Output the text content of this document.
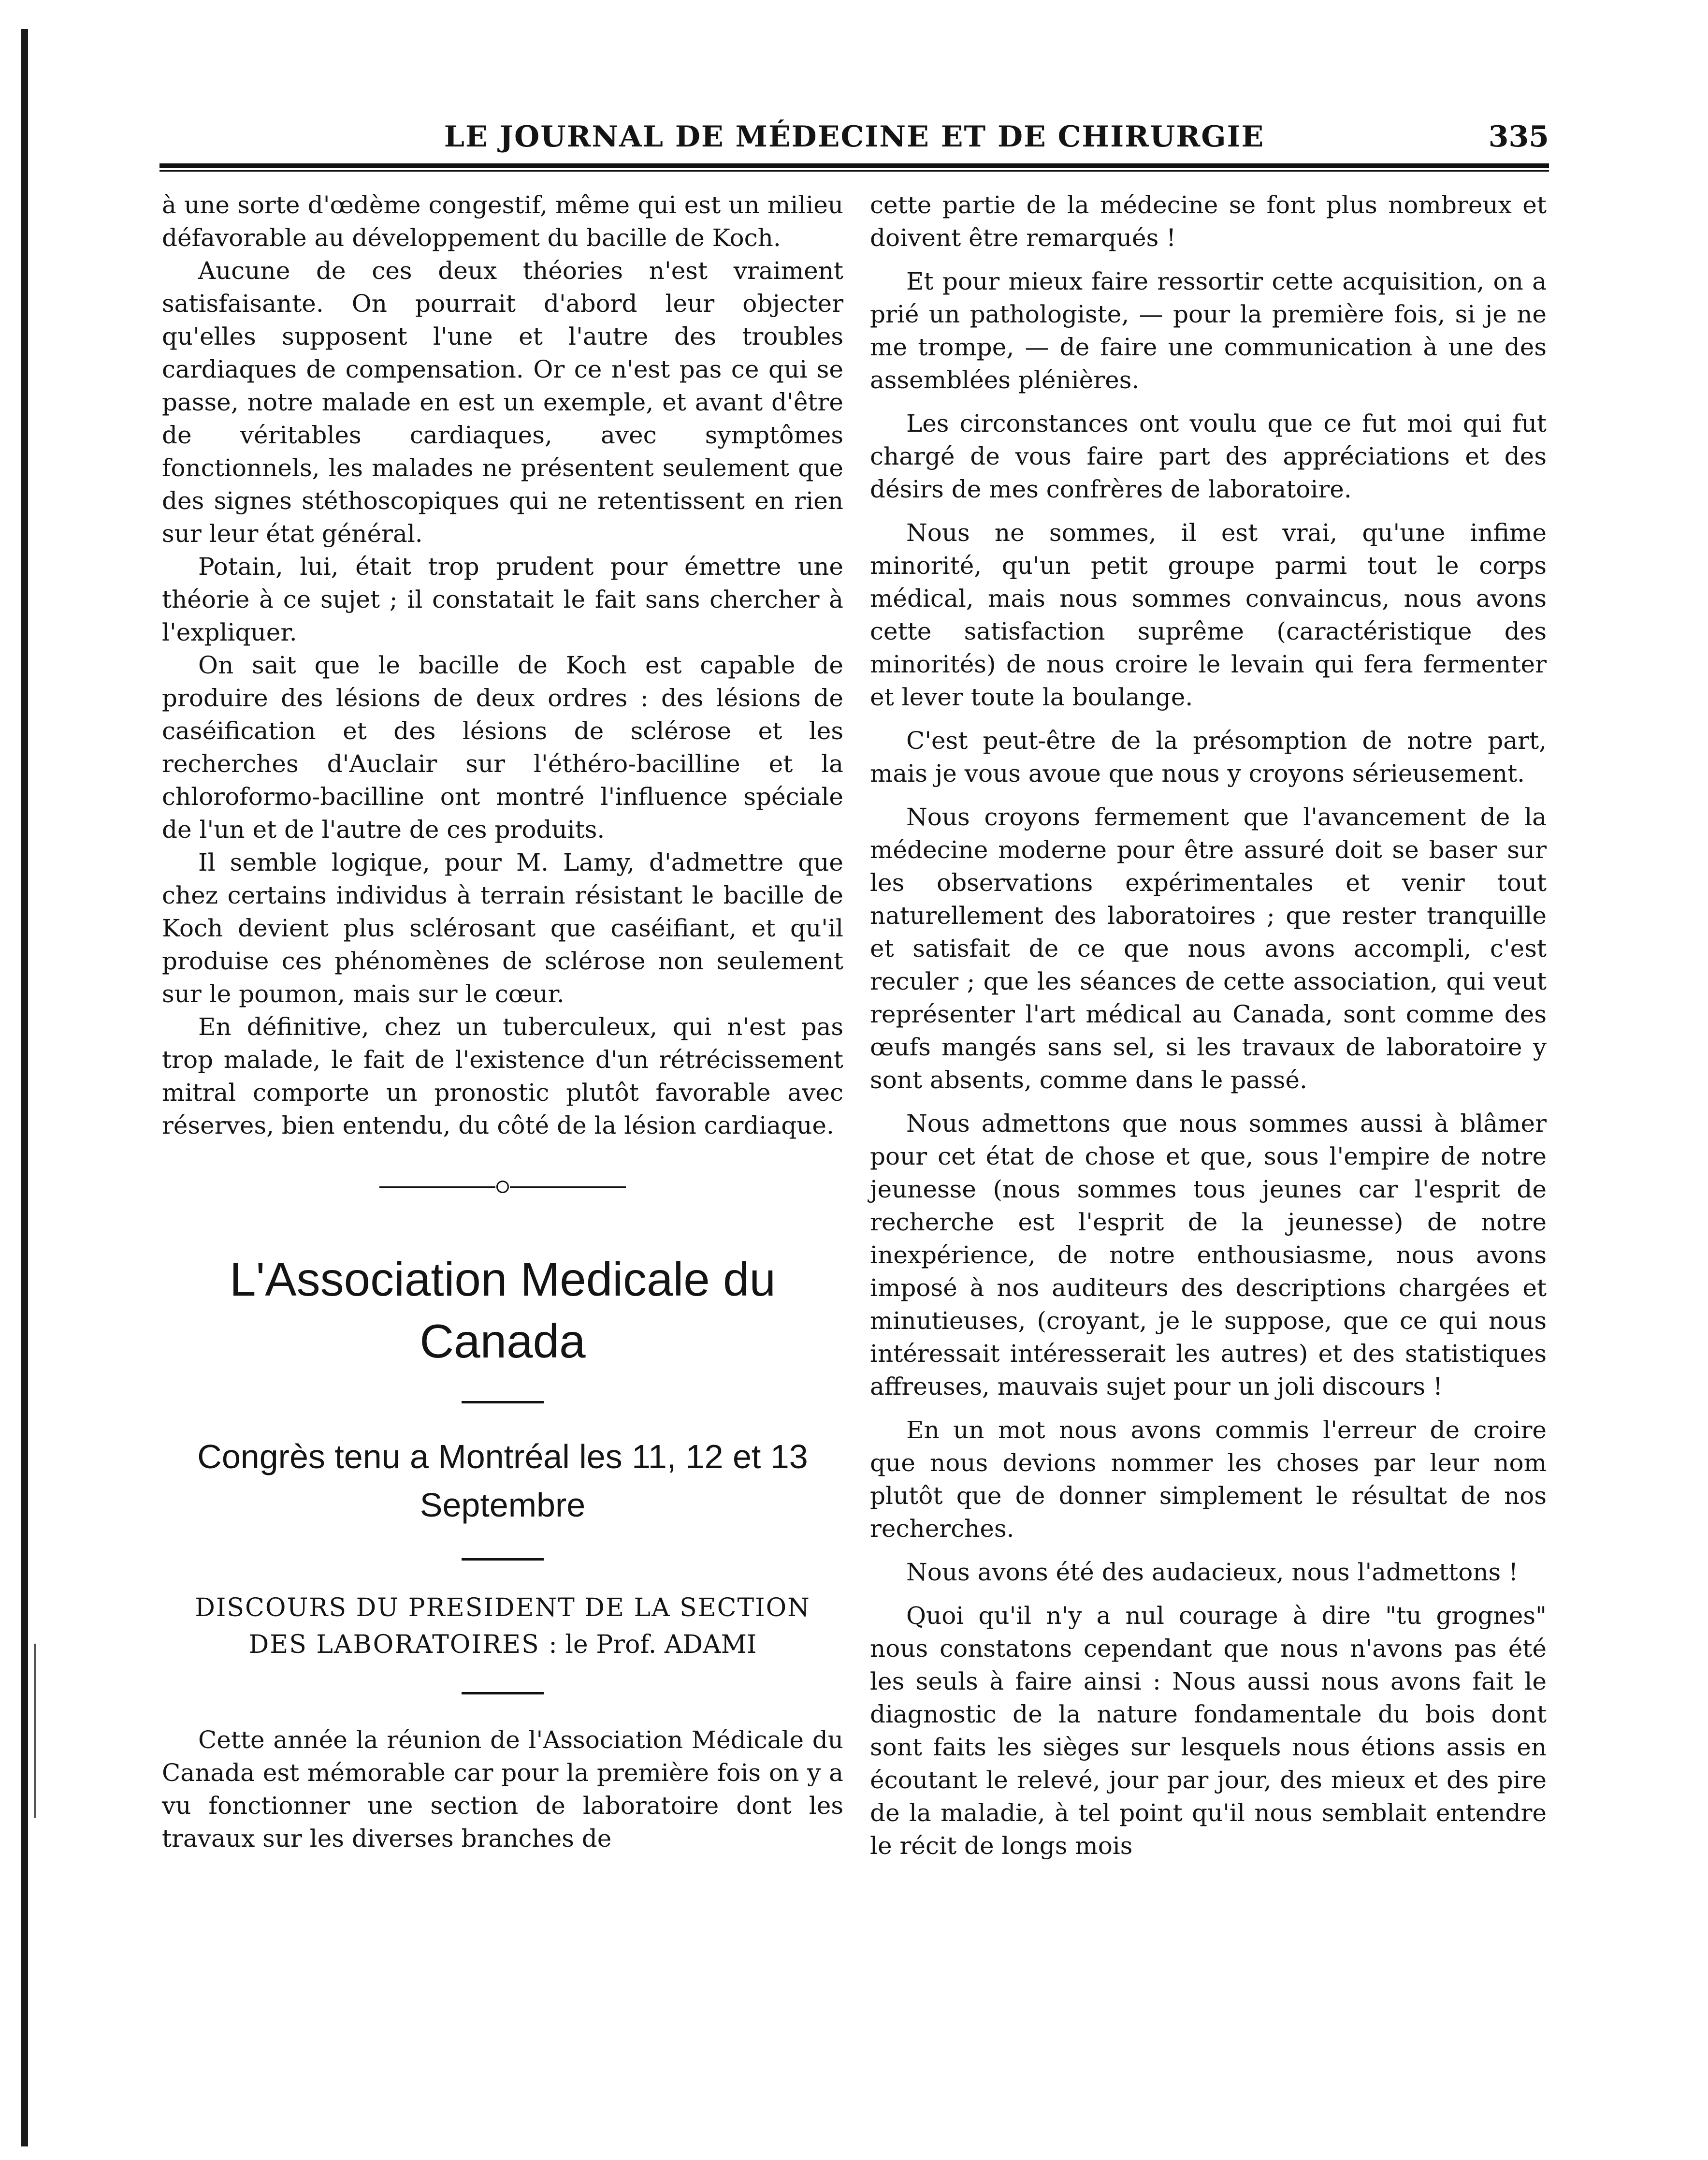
LE JOURNAL DE MÉDECINE ET DE CHIRURGIE	335

à une sorte d'œdème congestif, même qui est un milieu défavorable au développement du bacille de Koch.

Aucune de ces deux théories n'est vraiment satisfaisante. On pourrait d'abord leur objecter qu'elles supposent l'une et l'autre des troubles cardiaques de compensation. Or ce n'est pas ce qui se passe, notre malade en est un exemple, et avant d'être de véritables cardiaques, avec symptômes fonctionnels, les malades ne présentent seulement que des signes stéthoscopiques qui ne retentissent en rien sur leur état général.

Potain, lui, était trop prudent pour émettre une théorie à ce sujet ; il constatait le fait sans chercher à l'expliquer.

On sait que le bacille de Koch est capable de produire des lésions de deux ordres : des lésions de caséification et des lésions de sclérose et les recherches d'Auclair sur l'éthéro-bacilline et la chloroformo-bacilline ont montré l'influence spéciale de l'un et de l'autre de ces produits.

Il semble logique, pour M. Lamy, d'admettre que chez certains individus à terrain résistant le bacille de Koch devient plus sclérosant que caséifiant, et qu'il produise ces phénomènes de sclérose non seulement sur le poumon, mais sur le cœur.

En définitive, chez un tuberculeux, qui n'est pas trop malade, le fait de l'existence d'un rétrécissement mitral comporte un pronostic plutôt favorable avec réserves, bien entendu, du côté de la lésion cardiaque.

L'Association Medicale du Canada
Congrès tenu a Montréal les 11, 12 et 13 Septembre
DISCOURS DU PRESIDENT DE LA SECTION DES LABORATOIRES : le Prof. ADAMI

Cette année la réunion de l'Association Médicale du Canada est mémorable car pour la première fois on y a vu fonctionner une section de laboratoire dont les travaux sur les diverses branches de

cette partie de la médecine se font plus nombreux et doivent être remarqués !

Et pour mieux faire ressortir cette acquisition, on a prié un pathologiste, — pour la première fois, si je ne me trompe, — de faire une communication à une des assemblées plénières.

Les circonstances ont voulu que ce fut moi qui fut chargé de vous faire part des appréciations et des désirs de mes confrères de laboratoire.

Nous ne sommes, il est vrai, qu'une infime minorité, qu'un petit groupe parmi tout le corps médical, mais nous sommes convaincus, nous avons cette satisfaction suprême (caractéristique des minorités) de nous croire le levain qui fera fermenter et lever toute la boulange.

C'est peut-être de la présomption de notre part, mais je vous avoue que nous y croyons sérieusement.

Nous croyons fermement que l'avancement de la médecine moderne pour être assuré doit se baser sur les observations expérimentales et venir tout naturellement des laboratoires ; que rester tranquille et satisfait de ce que nous avons accompli, c'est reculer ; que les séances de cette association, qui veut représenter l'art médical au Canada, sont comme des œufs mangés sans sel, si les travaux de laboratoire y sont absents, comme dans le passé.

Nous admettons que nous sommes aussi à blâmer pour cet état de chose et que, sous l'empire de notre jeunesse (nous sommes tous jeunes car l'esprit de recherche est l'esprit de la jeunesse) de notre inexpérience, de notre enthousiasme, nous avons imposé à nos auditeurs des descriptions chargées et minutieuses, (croyant, je le suppose, que ce qui nous intéressait intéresserait les autres) et des statistiques affreuses, mauvais sujet pour un joli discours !

En un mot nous avons commis l'erreur de croire que nous devions nommer les choses par leur nom plutôt que de donner simplement le résultat de nos recherches.

Nous avons été des audacieux, nous l'admettons !

Quoi qu'il n'y a nul courage à dire "tu grognes" nous constatons cependant que nous n'avons pas été les seuls à faire ainsi : Nous aussi nous avons fait le diagnostic de la nature fondamentale du bois dont sont faits les sièges sur lesquels nous étions assis en écoutant le relevé, jour par jour, des mieux et des pire de la maladie, à tel point qu'il nous semblait entendre le récit de longs mois
